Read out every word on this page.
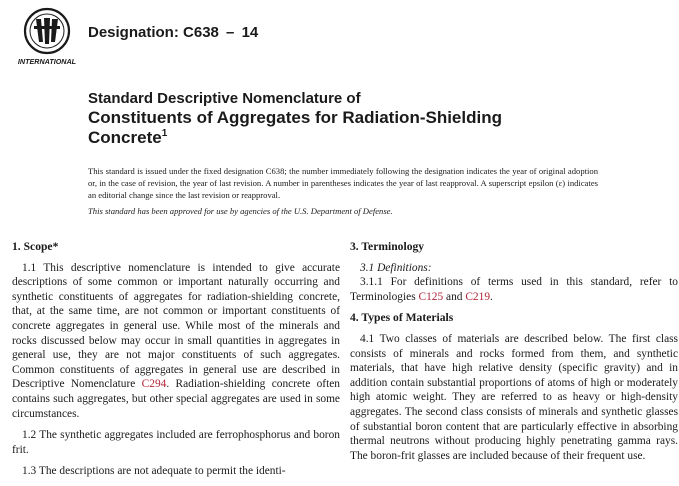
INTERNATIONAL
Designation: C638 – 14
Standard Descriptive Nomenclature of
Constituents of Aggregates for Radiation-Shielding
Concrete$^1$
This standard is issued under the fixed designation C638; the number immediately following the designation indicates the year of original adoption or, in the case of revision, the year of last revision. A number in parentheses indicates the year of last reapproval. A superscript epsilon (ε) indicates an editorial change since the last revision or reapproval.
This standard has been approved for use by agencies of the U.S. Department of Defense.
1. Scope*

1.1 This descriptive nomenclature is intended to give accurate descriptions of some common or important naturally occurring and synthetic constituents of aggregates for radiation-shielding concrete, that, at the same time, are not common or important constituents of concrete aggregates in general use. While most of the minerals and rocks discussed below may occur in small quantities in aggregates in general use, they are not major constituents of such aggregates. Common constituents of aggregates in general use are described in Descriptive Nomenclature C294. Radiation-shielding concrete often contains such aggregates, but other special aggregates are used in some circumstances.

1.2 The synthetic aggregates included are ferrophosphorus and boron frit.

1.3 The descriptions are not adequate to permit the identi-

3. Terminology

3.1 Definitions:

3.1.1 For definitions of terms used in this standard, refer to Terminologies C125 and C219.

4. Types of Materials

4.1 Two classes of materials are described below. The first class consists of minerals and rocks formed from them, and synthetic materials, that have high relative density (specific gravity) and in addition contain substantial proportions of atoms of high or moderately high atomic weight. They are referred to as heavy or high-density aggregates. The second class consists of minerals and synthetic glasses of substantial boron content that are particularly effective in absorbing thermal neutrons without producing highly penetrating gamma rays. The boron-frit glasses are included because of their frequent use.
